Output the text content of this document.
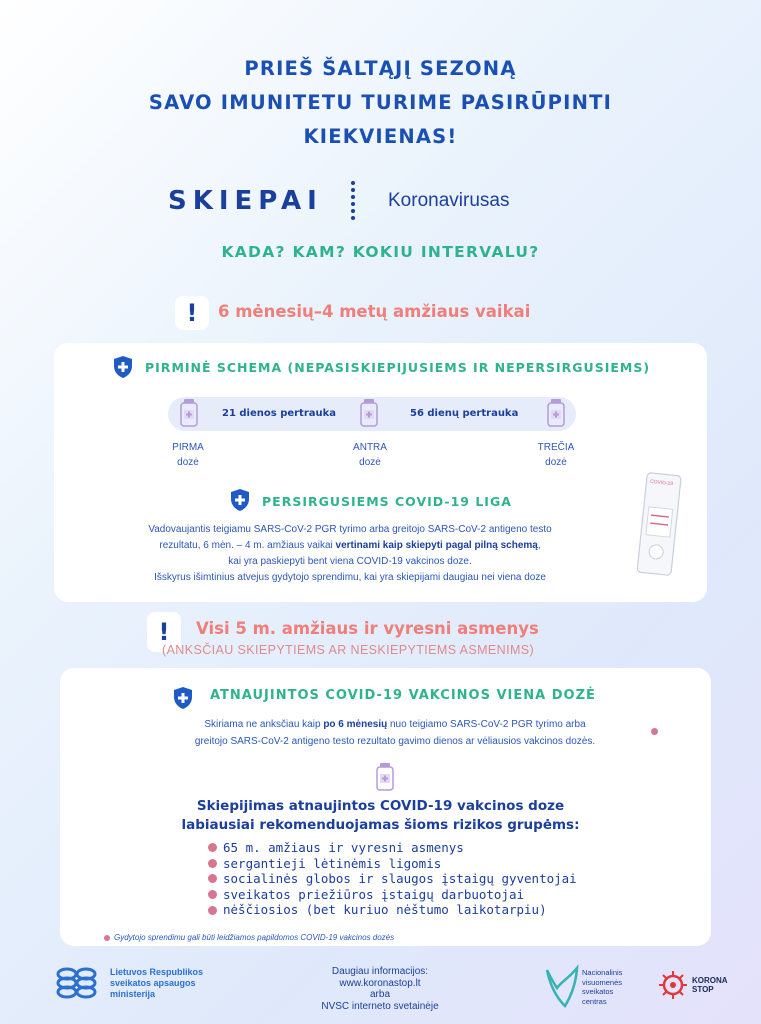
PRIEŠ ŠALTĄJĮ SEZONĄ
SAVO IMUNITETU TURIME PASIRŪPINTI
KIEKVIENAS!
SKIEPAI	Koronavirusas
KADA? KAM? KOKIU INTERVALU?
!	6 mėnesių–4 metų amžiaus vaikai
PIRMINĖ SCHEMA (NEPASISKIEPIJUSIEMS IR NEPERSIRGUSIEMS)
21 dienos pertrauka	56 dienų pertrauka
PIRMA
dozė
ANTRA
dozė
TREČIA
dozė
PERSIRGUSIEMS COVID-19 LIGA
Vadovaujantis teigiamu SARS-CoV-2 PGR tyrimo arba greitojo SARS-CoV-2 antigeno testo
rezultatu, 6 mėn. – 4 m. amžiaus vaikai vertinami kaip skiepyti pagal pilną schemą,
kai yra paskiepyti bent viena COVID-19 vakcinos doze.
Išskyrus išimtinius atvejus gydytojo sprendimu, kai yra skiepijami daugiau nei viena doze
COVID-19
!	Visi 5 m. amžiaus ir vyresni asmenys
(ANKSČIAU SKIEPYTIEMS AR NESKIEPYTIEMS ASMENIMS)
ATNAUJINTOS COVID-19 VAKCINOS VIENA DOZĖ
Skiriama ne anksčiau kaip po 6 mėnesių nuo teigiamo SARS-CoV-2 PGR tyrimo arba
greitojo SARS-CoV-2 antigeno testo rezultato gavimo dienos ar vėliausios vakcinos dozės.
Skiepijimas atnaujintos COVID-19 vakcinos doze
labiausiai rekomenduojamas šioms rizikos grupėms:
65 m. amžiaus ir vyresni asmenys
sergantieji lėtinėmis ligomis
socialinės globos ir slaugos įstaigų gyventojai
sveikatos priežiūros įstaigų darbuotojai
nėščiosios (bet kuriuo nėštumo laikotarpiu)
Gydytojo sprendimu gali būti leidžiamos papildomos COVID-19 vakcinos dozės
Lietuvos Respublikos
sveikatos apsaugos
ministerija
Daugiau informacijos:
www.koronastop.lt
arba
NVSC interneto svetainėje
Nacionalinis
visuomenės
sveikatos
centras
KORONA
STOP
